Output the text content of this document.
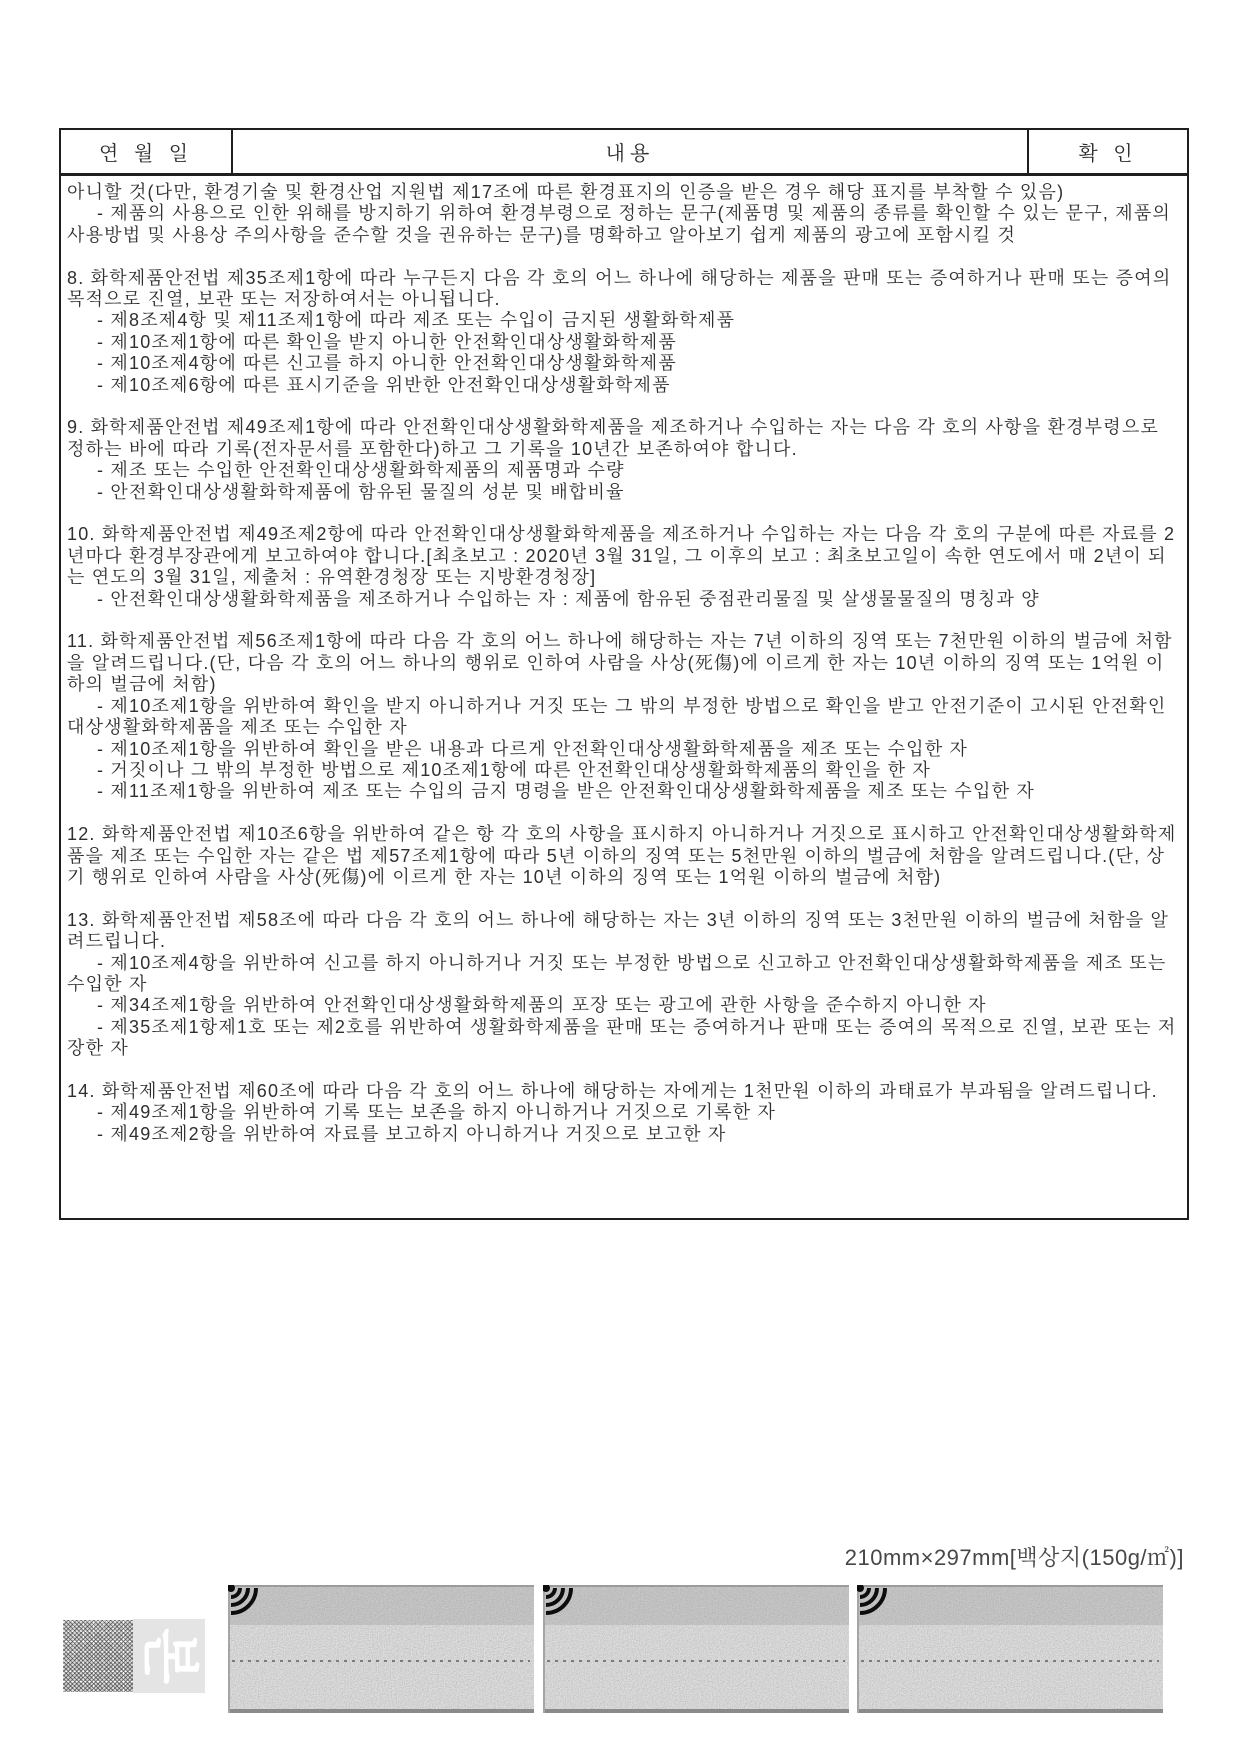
연 월 일	내용	확 인

아니할 것(다만, 환경기술 및 환경산업 지원법 제17조에 따른 환경표지의 인증을 받은 경우 해당 표지를 부착할 수 있음)

- 제품의 사용으로 인한 위해를 방지하기 위하여 환경부령으로 정하는 문구(제품명 및 제품의 종류를 확인할 수 있는 문구, 제품의 사용방법 및 사용상 주의사항을 준수할 것을 권유하는 문구)를 명확하고 알아보기 쉽게 제품의 광고에 포함시킬 것

8. 화학제품안전법 제35조제1항에 따라 누구든지 다음 각 호의 어느 하나에 해당하는 제품을 판매 또는 증여하거나 판매 또는 증여의 목적으로 진열, 보관 또는 저장하여서는 아니됩니다.

- 제8조제4항 및 제11조제1항에 따라 제조 또는 수입이 금지된 생활화학제품

- 제10조제1항에 따른 확인을 받지 아니한 안전확인대상생활화학제품

- 제10조제4항에 따른 신고를 하지 아니한 안전확인대상생활화학제품

- 제10조제6항에 따른 표시기준을 위반한 안전확인대상생활화학제품

9. 화학제품안전법 제49조제1항에 따라 안전확인대상생활화학제품을 제조하거나 수입하는 자는 다음 각 호의 사항을 환경부령으로 정하는 바에 따라 기록(전자문서를 포함한다)하고 그 기록을 10년간 보존하여야 합니다.

- 제조 또는 수입한 안전확인대상생활화학제품의 제품명과 수량

- 안전확인대상생활화학제품에 함유된 물질의 성분 및 배합비율

10. 화학제품안전법 제49조제2항에 따라 안전확인대상생활화학제품을 제조하거나 수입하는 자는 다음 각 호의 구분에 따른 자료를 2년마다 환경부장관에게 보고하여야 합니다.[최초보고 : 2020년 3월 31일, 그 이후의 보고 : 최초보고일이 속한 연도에서 매 2년이 되는 연도의 3월 31일, 제출처 : 유역환경청장 또는 지방환경청장]

- 안전확인대상생활화학제품을 제조하거나 수입하는 자 : 제품에 함유된 중점관리물질 및 살생물물질의 명칭과 양

11. 화학제품안전법 제56조제1항에 따라 다음 각 호의 어느 하나에 해당하는 자는 7년 이하의 징역 또는 7천만원 이하의 벌금에 처함을 알려드립니다.(단, 다음 각 호의 어느 하나의 행위로 인하여 사람을 사상(死傷)에 이르게 한 자는 10년 이하의 징역 또는 1억원 이하의 벌금에 처함)

- 제10조제1항을 위반하여 확인을 받지 아니하거나 거짓 또는 그 밖의 부정한 방법으로 확인을 받고 안전기준이 고시된 안전확인대상생활화학제품을 제조 또는 수입한 자

- 제10조제1항을 위반하여 확인을 받은 내용과 다르게 안전확인대상생활화학제품을 제조 또는 수입한 자

- 거짓이나 그 밖의 부정한 방법으로 제10조제1항에 따른 안전확인대상생활화학제품의 확인을 한 자

- 제11조제1항을 위반하여 제조 또는 수입의 금지 명령을 받은 안전확인대상생활화학제품을 제조 또는 수입한 자

12. 화학제품안전법 제10조6항을 위반하여 같은 항 각 호의 사항을 표시하지 아니하거나 거짓으로 표시하고 안전확인대상생활화학제품을 제조 또는 수입한 자는 같은 법 제57조제1항에 따라 5년 이하의 징역 또는 5천만원 이하의 벌금에 처함을 알려드립니다.(단, 상기 행위로 인하여 사람을 사상(死傷)에 이르게 한 자는 10년 이하의 징역 또는 1억원 이하의 벌금에 처함)

13. 화학제품안전법 제58조에 따라 다음 각 호의 어느 하나에 해당하는 자는 3년 이하의 징역 또는 3천만원 이하의 벌금에 처함을 알려드립니다.

- 제10조제4항을 위반하여 신고를 하지 아니하거나 거짓 또는 부정한 방법으로 신고하고 안전확인대상생활화학제품을 제조 또는 수입한 자

- 제34조제1항을 위반하여 안전확인대상생활화학제품의 포장 또는 광고에 관한 사항을 준수하지 아니한 자

- 제35조제1항제1호 또는 제2호를 위반하여 생활화학제품을 판매 또는 증여하거나 판매 또는 증여의 목적으로 진열, 보관 또는 저장한 자

14. 화학제품안전법 제60조에 따라 다음 각 호의 어느 하나에 해당하는 자에게는 1천만원 이하의 과태료가 부과됨을 알려드립니다.

- 제49조제1항을 위반하여 기록 또는 보존을 하지 아니하거나 거짓으로 기록한 자

- 제49조제2항을 위반하여 자료를 보고하지 아니하거나 거짓으로 보고한 자

210mm×297mm[백상지(150g/㎡)]
본
